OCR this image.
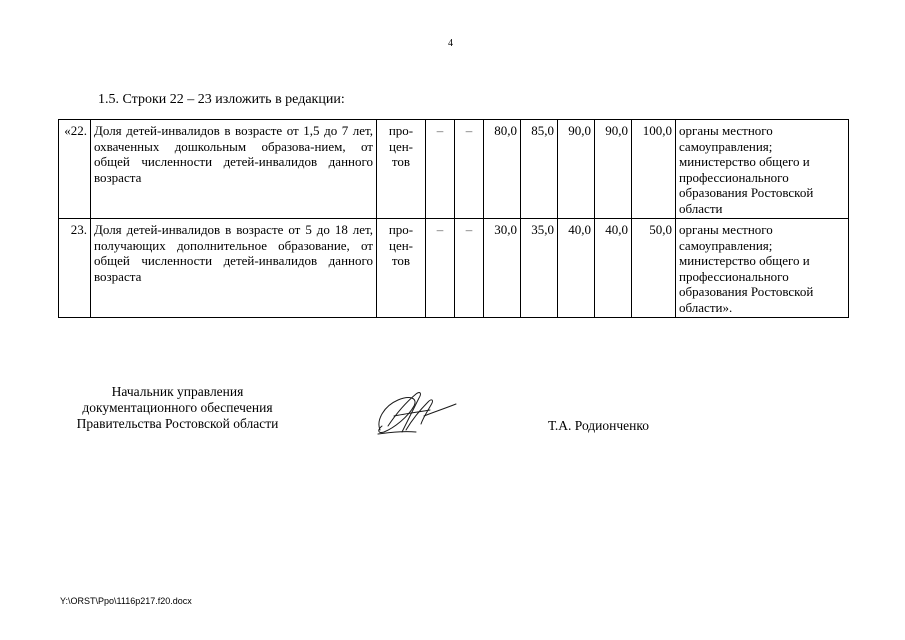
4
1.5. Строки 22 – 23 изложить в редакции:
«22.	Доля детей-инвалидов в возрасте от 1,5 до 7 лет, охваченных дошкольным образова-нием, от общей численности детей-инвалидов данного возраста	про-
цен-
тов	–	–	80,0	85,0	90,0	90,0	100,0	органы местного самоуправления; министерство общего и профессионального образования Ростовской области
23.	Доля детей-инвалидов в возрасте от 5 до 18 лет, получающих дополнительное образование, от общей численности детей-инвалидов данного возраста	про-
цен-
тов	–	–	30,0	35,0	40,0	40,0	50,0	органы местного самоуправления; министерство общего и профессионального образования Ростовской области».
Начальник управления
документационного обеспечения
Правительства Ростовской области	Т.А. Родионченко
Y:\ORST\Ppo\1116p217.f20.docx
